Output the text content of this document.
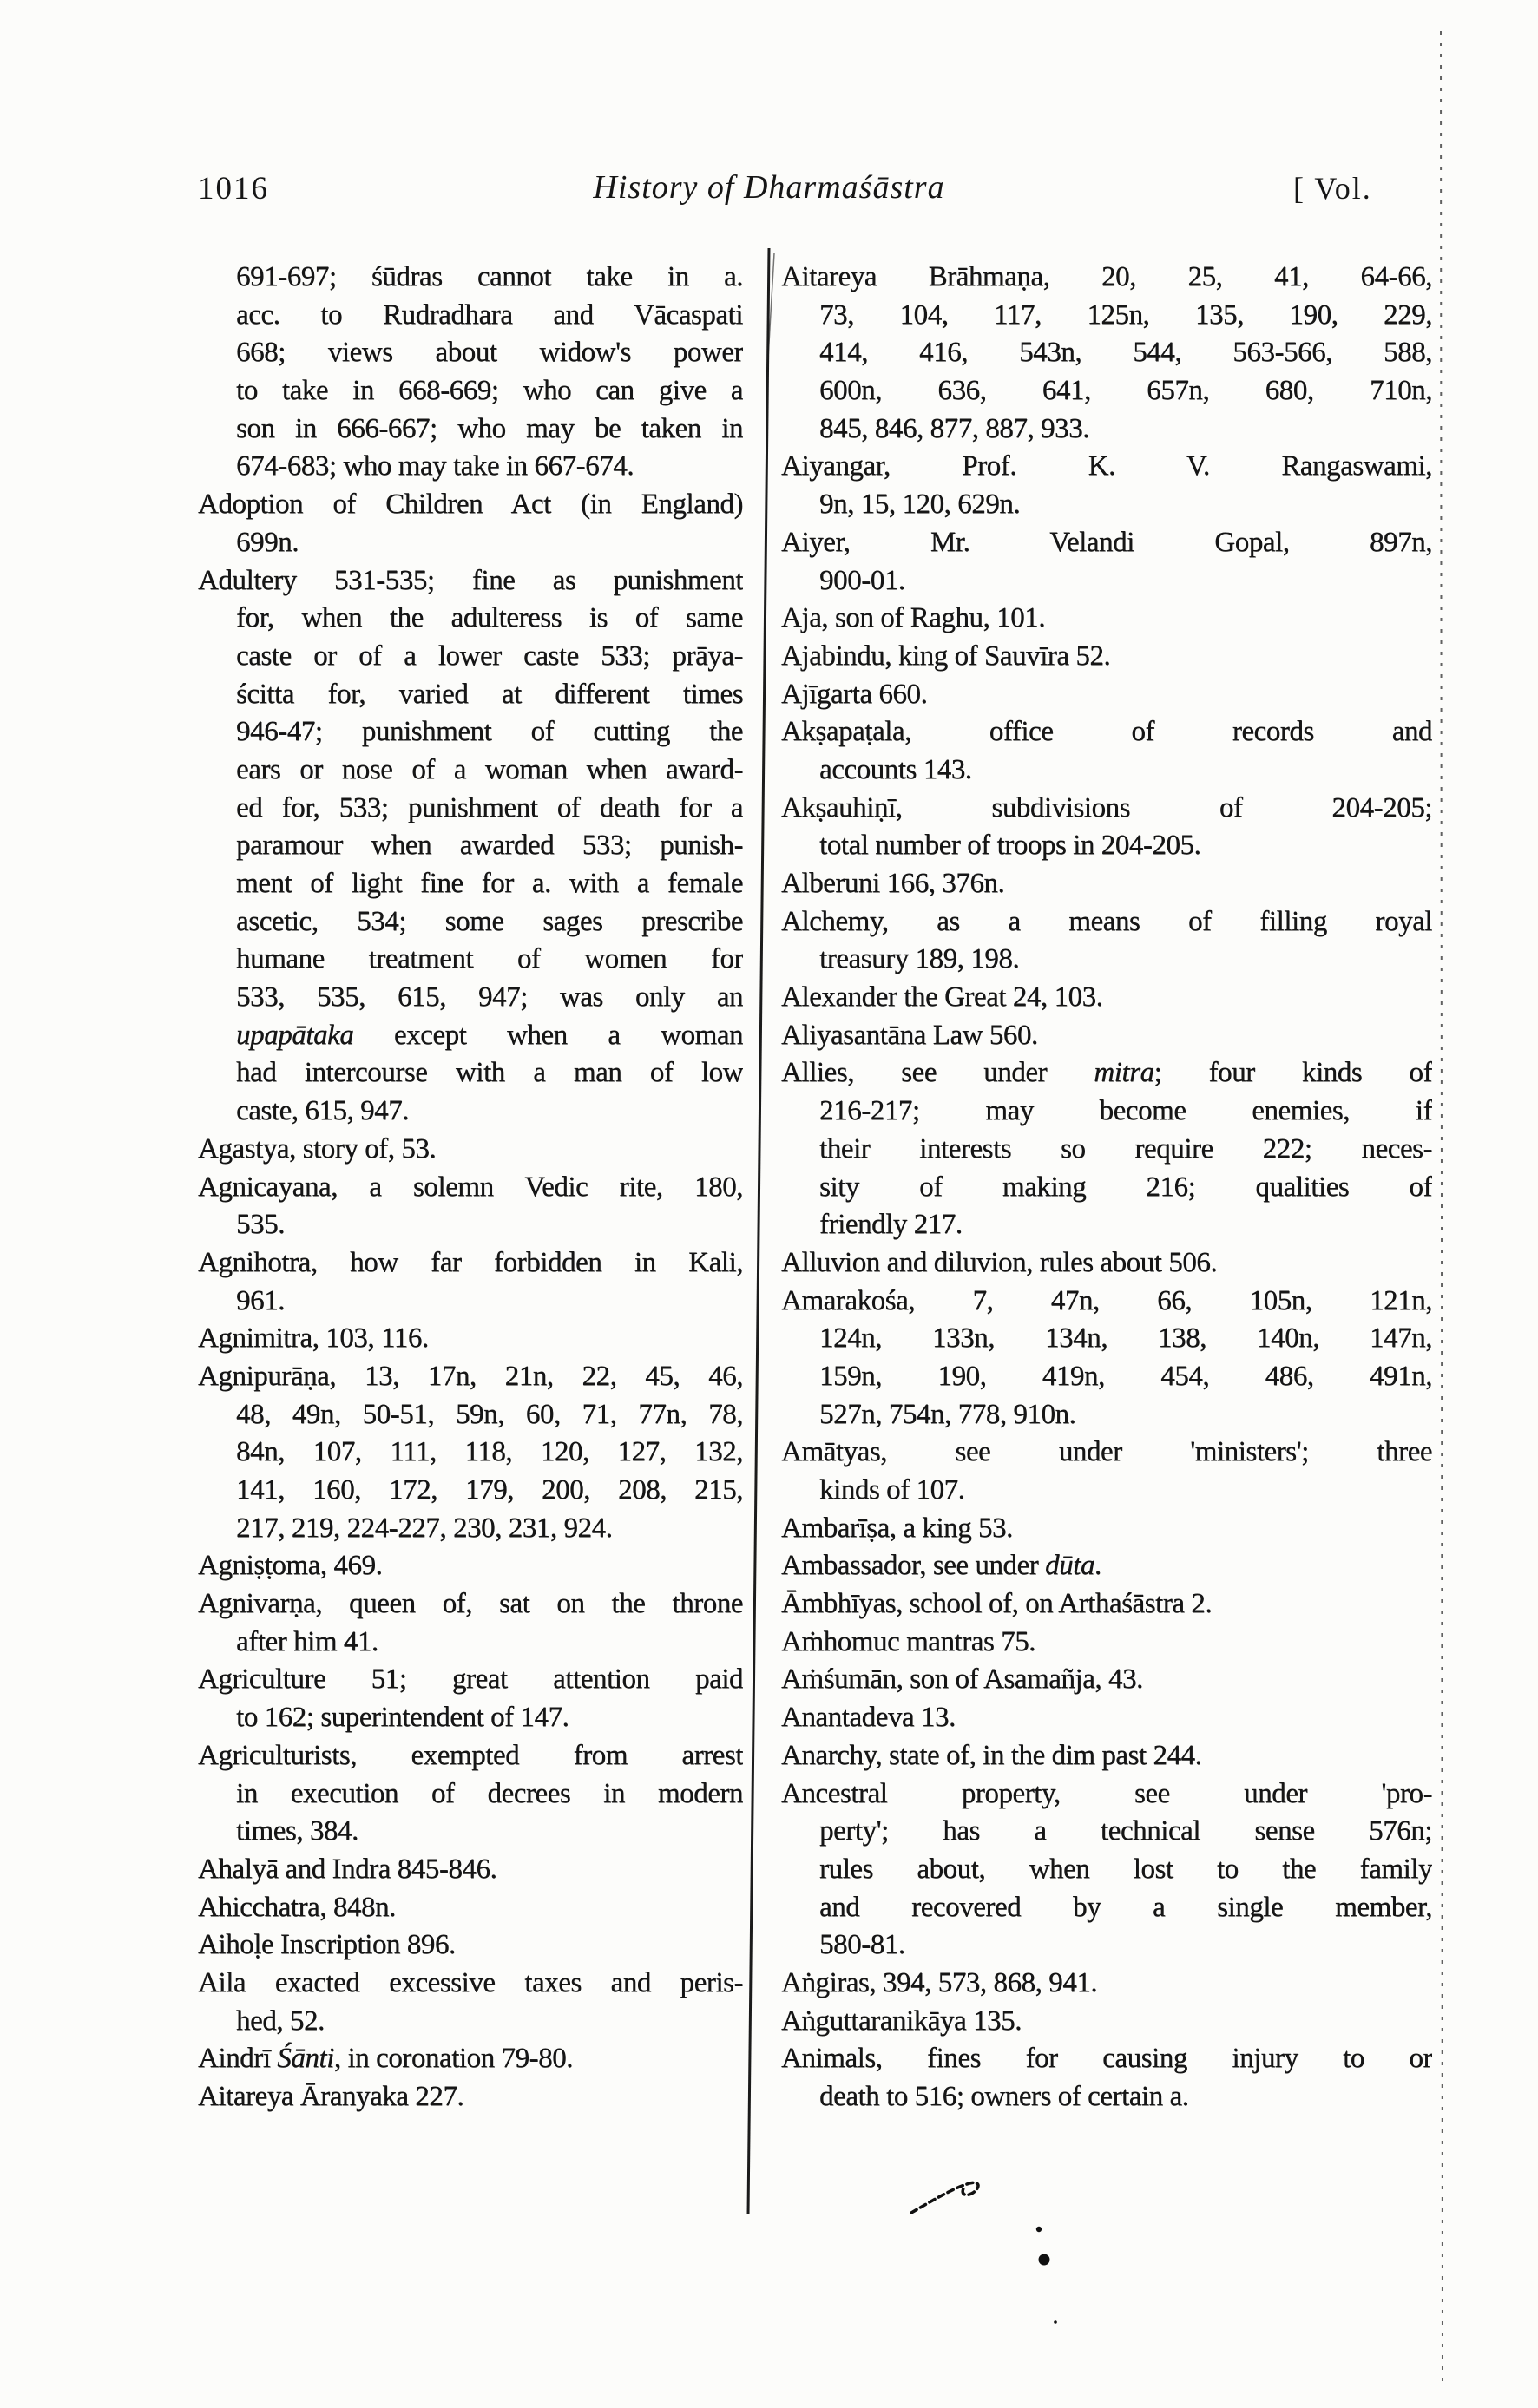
1016	History of Dharmaśāstra	[ Vol.
691-697; śūdras cannot take in a.
acc. to Rudradhara and Vācaspati
668; views about widow's power
to take in 668-669; who can give a
son in 666-667; who may be taken in
674-683; who may take in 667-674.
Adoption of Children Act (in England)
699n.
Adultery 531-535; fine as punishment
for, when the adulteress is of same
caste or of a lower caste 533; prāya-
ścitta for, varied at different times
946-47; punishment of cutting the
ears or nose of a woman when award-
ed for, 533; punishment of death for a
paramour when awarded 533; punish-
ment of light fine for a. with a female
ascetic, 534; some sages prescribe
humane treatment of women for
533, 535, 615, 947; was only an
upapātaka except when a woman
had intercourse with a man of low
caste, 615, 947.
Agastya, story of, 53.
Agnicayana, a solemn Vedic rite, 180,
535.
Agnihotra, how far forbidden in Kali,
961.
Agnimitra, 103, 116.
Agnipurāṇa, 13, 17n, 21n, 22, 45, 46,
48, 49n, 50-51, 59n, 60, 71, 77n, 78,
84n, 107, 111, 118, 120, 127, 132,
141, 160, 172, 179, 200, 208, 215,
217, 219, 224-227, 230, 231, 924.
Agniṣṭoma, 469.
Agnivarṇa, queen of, sat on the throne
after him 41.
Agriculture 51; great attention paid
to 162; superintendent of 147.
Agriculturists, exempted from arrest
in execution of decrees in modern
times, 384.
Ahalyā and Indra 845-846.
Ahicchatra, 848n.
Aihoḷe Inscription 896.
Aila exacted excessive taxes and peris-
hed, 52.
Aindrī Śānti, in coronation 79-80.
Aitareya Āranyaka 227.
Aitareya Brāhmaṇa, 20, 25, 41, 64-66,
73, 104, 117, 125n, 135, 190, 229,
414, 416, 543n, 544, 563-566, 588,
600n, 636, 641, 657n, 680, 710n,
845, 846, 877, 887, 933.
Aiyangar, Prof. K. V. Rangaswami,
9n, 15, 120, 629n.
Aiyer, Mr. Velandi Gopal, 897n,
900-01.
Aja, son of Raghu, 101.
Ajabindu, king of Sauvīra 52.
Ajīgarta 660.
Akṣapaṭala, office of records and
accounts 143.
Akṣauhiṇī, subdivisions of 204-205;
total number of troops in 204-205.
Alberuni 166, 376n.
Alchemy, as a means of filling royal
treasury 189, 198.
Alexander the Great 24, 103.
Aliyasantāna Law 560.
Allies, see under mitra; four kinds of
216-217; may become enemies, if
their interests so require 222; neces-
sity of making 216; qualities of
friendly 217.
Alluvion and diluvion, rules about 506.
Amarakośa, 7, 47n, 66, 105n, 121n,
124n, 133n, 134n, 138, 140n, 147n,
159n, 190, 419n, 454, 486, 491n,
527n, 754n, 778, 910n.
Amātyas, see under 'ministers'; three
kinds of 107.
Ambarīṣa, a king 53.
Ambassador, see under dūta.
Āmbhīyas, school of, on Arthaśāstra 2.
Aṁhomuc mantras 75.
Aṁśumān, son of Asamañja, 43.
Anantadeva 13.
Anarchy, state of, in the dim past 244.
Ancestral property, see under 'pro-
perty'; has a technical sense 576n;
rules about, when lost to the family
and recovered by a single member,
580-81.
Aṅgiras, 394, 573, 868, 941.
Aṅguttaranikāya 135.
Animals, fines for causing injury to or
death to 516; owners of certain a.
